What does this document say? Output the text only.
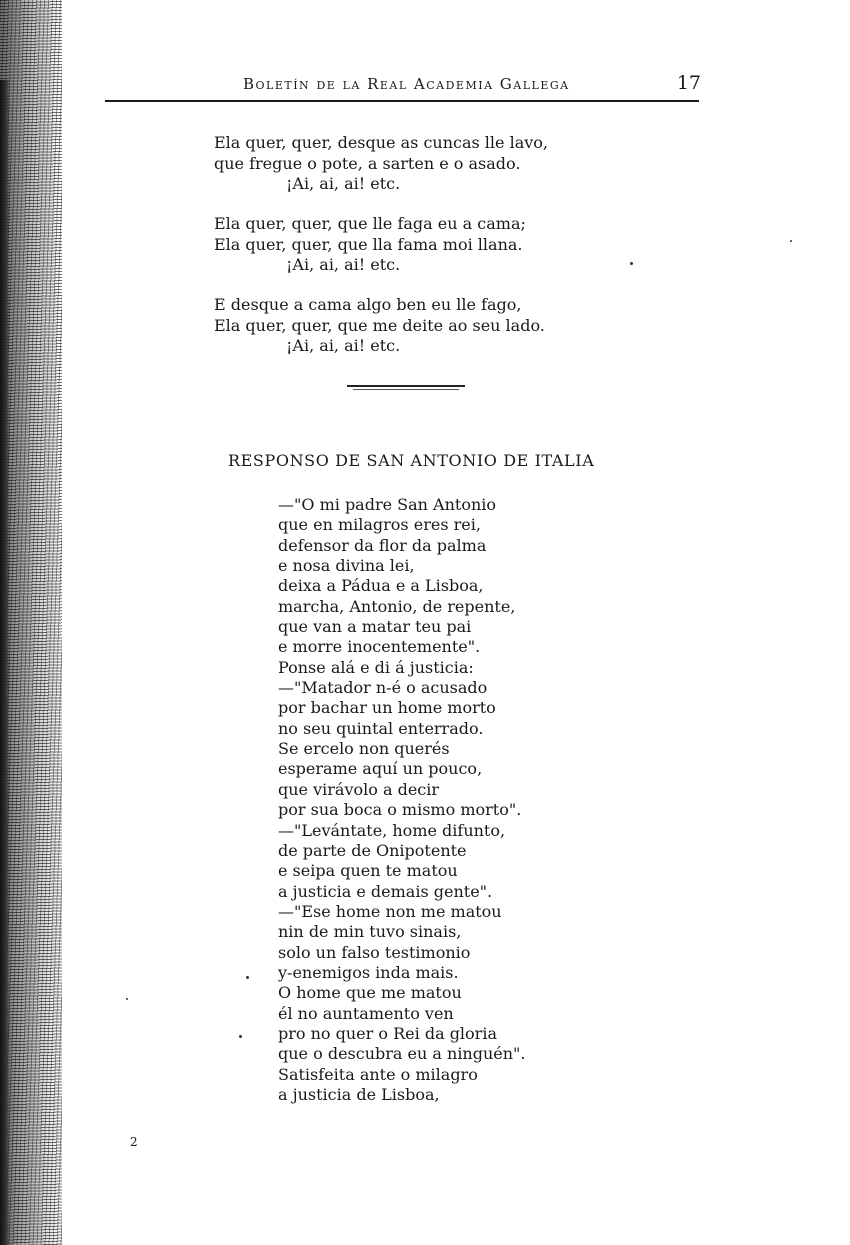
Boletín de la Real Academia Gallega	17
Ela quer, quer, desque as cuncas lle lavo,
que fregue o pote, a sarten e o asado.
¡Ai, ai, ai! etc.
Ela quer, quer, que lle faga eu a cama;
Ela quer, quer, que lla fama moi llana.
¡Ai, ai, ai! etc.
E desque a cama algo ben eu lle fago,
Ela quer, quer, que me deite ao seu lado.
¡Ai, ai, ai! etc.
RESPONSO DE SAN ANTONIO DE ITALIA
—"O mi padre San Antonio
que en milagros eres rei,
defensor da flor da palma
e nosa divina lei,
deixa a Pádua e a Lisboa,
marcha, Antonio, de repente,
que van a matar teu pai
e morre inocentemente".
Ponse alá e di á justicia:
—"Matador n-é o acusado
por bachar un home morto
no seu quintal enterrado.
Se ercelo non querés
esperame aquí un pouco,
que virávolo a decir
por sua boca o mismo morto".
—"Levántate, home difunto,
de parte de Onipotente
e seipa quen te matou
a justicia e demais gente".
—"Ese home non me matou
nin de min tuvo sinais,
solo un falso testimonio
y-enemigos inda mais.
O home que me matou
él no auntamento ven
pro no quer o Rei da gloria
que o descubra eu a ninguén".
Satisfeita ante o milagro
a justicia de Lisboa,
2
